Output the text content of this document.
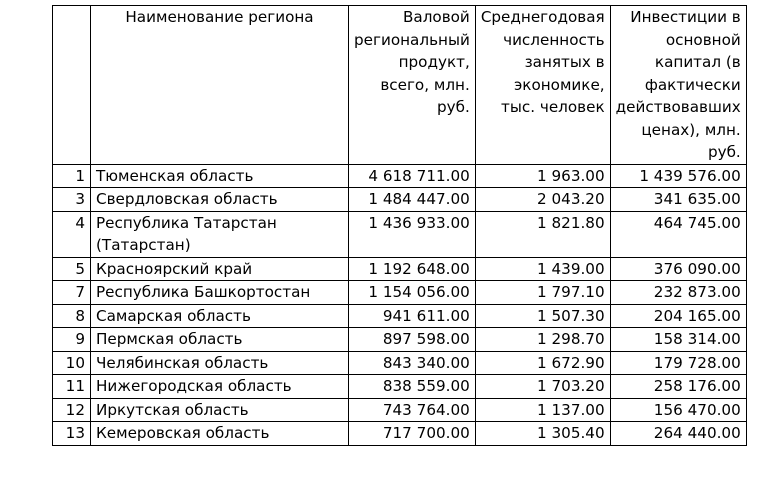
	Наименование региона	Валовой региональный продукт, всего, млн. руб.	Среднегодовая численность занятых в экономике, тыс. человек	Инвестиции в основной капитал (в фактически действовавших ценах), млн. руб.
1	Тюменская область	4 618 711.00	1 963.00	1 439 576.00
3	Свердловская область	1 484 447.00	2 043.20	341 635.00
4	Республика Татарстан (Татарстан)	1 436 933.00	1 821.80	464 745.00
5	Красноярский край	1 192 648.00	1 439.00	376 090.00
7	Республика Башкортостан	1 154 056.00	1 797.10	232 873.00
8	Самарская область	941 611.00	1 507.30	204 165.00
9	Пермская область	897 598.00	1 298.70	158 314.00
10	Челябинская область	843 340.00	1 672.90	179 728.00
11	Нижегородская область	838 559.00	1 703.20	258 176.00
12	Иркутская область	743 764.00	1 137.00	156 470.00
13	Кемеровская область	717 700.00	1 305.40	264 440.00
